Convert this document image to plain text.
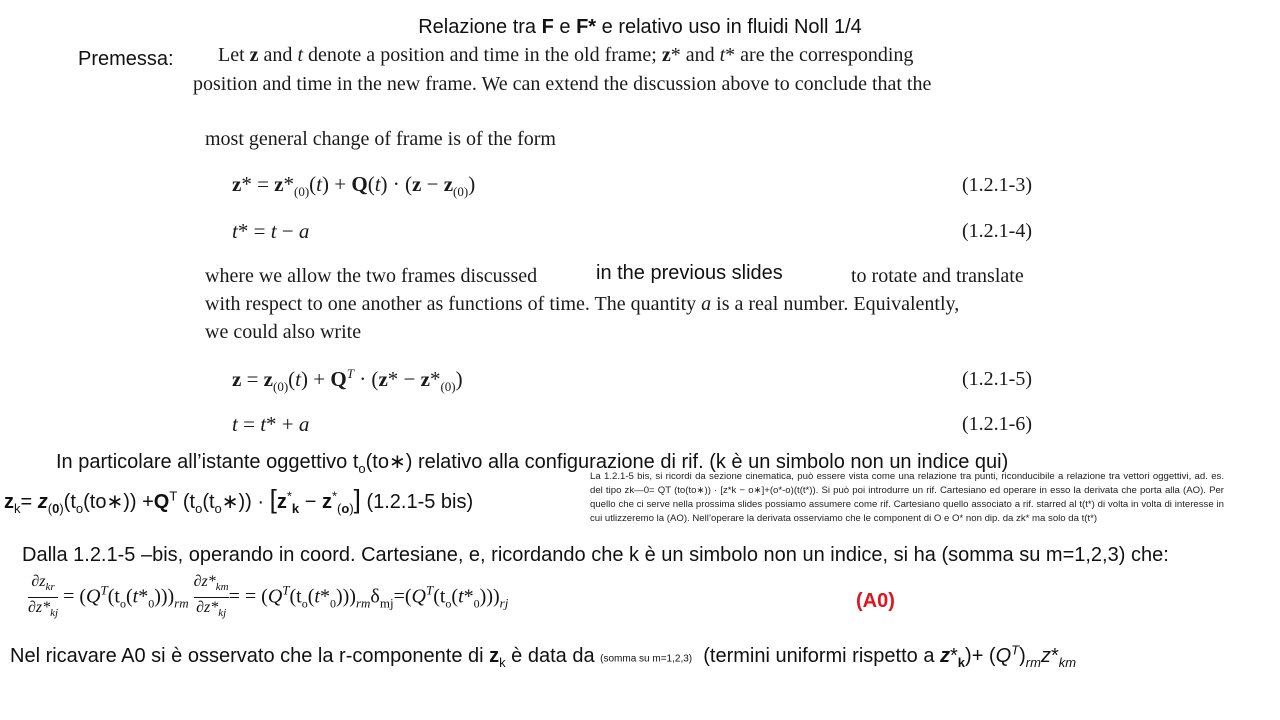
Relazione tra F e F* e relativo uso in fluidi Noll 1/4
Premessa: Let z and t denote a position and time in the old frame; z* and t* are the corresponding
position and time in the new frame. We can extend the discussion above to conclude that the
most general change of frame is of the form
$z* = z*_{(0)}(t) + Q(t) \cdot (z - z_{(0)})$	(1.2.1-3)
t* = t − a	(1.2.1-4)
where we allow the two frames discussed	to rotate and translate
in the previous slides
with respect to one another as functions of time. The quantity a is a real number. Equivalently,
we could also write
$z = z_{(0)}(t) + Q^T \cdot (z* - z*_{(0)})$	(1.2.1-5)
t = t* + a	(1.2.1-6)
In particolare all’istante oggettivo $t_o(to∗)$ relativo alla configurazione di rif. (k è un simbolo non un indice qui)
$z_k=$ $z_{(0)}(t_o(to∗)) +Q^T$ $(t_o(t_o∗)) \cdot [z^*_k - z^*_{(o)}]$ (1.2.1-5 bis)
La 1.2.1-5 bis, si ricordi da sezione cinematica, può essere vista come una relazione tra punti, riconducibile a relazione tra vettori oggettivi, ad. es. del tipo zk—0= QT (to(to∗)) · [z*k − o∗]+(o*-o)(t(t*)). Si può poi introdurre un rif. Cartesiano ed operare in esso la derivata che porta alla (AO). Per quello che ci serve nella prossima slides possiamo assumere come rif. Cartesiano quello associato a rif. starred al t(t*) di volta in volta di interesse in cui utlizzeremo la (AO). Nell’operare la derivata osserviamo che le component di O e O* non dip. da zk* ma solo da t(t*)
Dalla 1.2.1-5 –bis, operando in coord. Cartesiane, e, ricordando che k è un simbolo non un indice, si ha (somma su m=1,2,3) che:
$\frac{\partial z_{kr}}{\partial z*_{kj}} = (Q^T(t_o(t*_0)))_{rm} \frac{\partial z*_{km}}{\partial z*_{kj}}$ = = $(Q^T(t_o(t*_0)))_{rm}\delta_{mj}=(Q^T(t_o(t*_0)))_{rj}$	(A0)
Nel ricavare A0 si è osservato che la r-componente di $z_k$ è data da (somma su m=1,2,3)  (termini uniformi rispetto a $z*_k)+ (Q^T)_{rm}z*_{km}$
